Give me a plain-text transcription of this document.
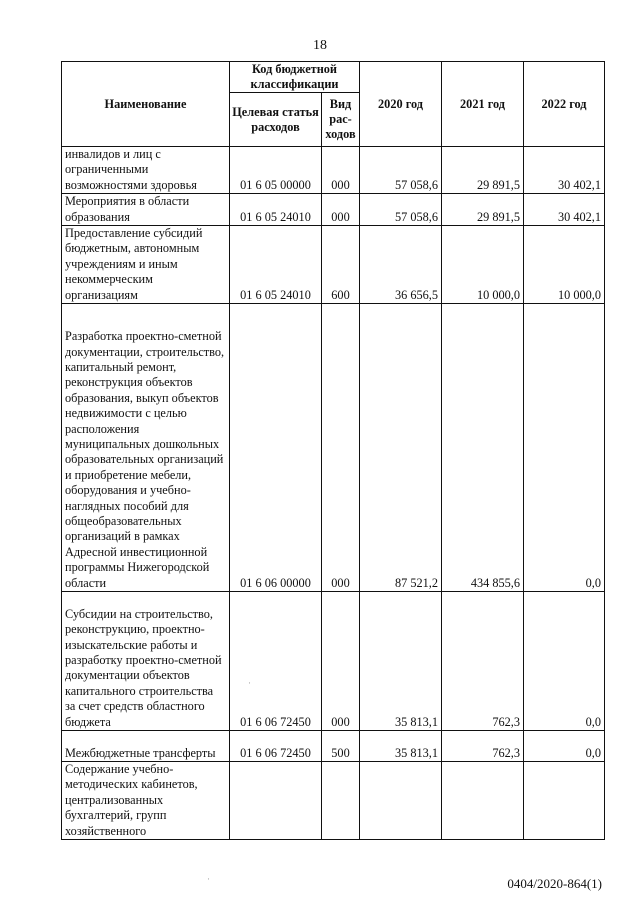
18
Наименование	Код бюджетной классификации		2020 год	2021 год	2022 год
	Целевая статья расходов	Вид рас-ходов			
инвалидов и лиц с ограниченными возможностями здоровья	01 6 05 00000	000	57 058,6	29 891,5	30 402,1
Мероприятия в области образования	01 6 05 24010	000	57 058,6	29 891,5	30 402,1
Предоставление субсидий бюджетным, автономным учреждениям и иным некоммерческим организациям	01 6 05 24010	600	36 656,5	10 000,0	10 000,0
Разработка проектно-сметной документации, строительство, капитальный ремонт, реконструкция объектов образования, выкуп объектов недвижимости с целью расположения муниципальных дошкольных образовательных организаций и приобретение мебели, оборудования и учебно-наглядных пособий для общеобразовательных организаций в рамках Адресной инвестиционной программы Нижегородской области	01 6 06 00000	000	87 521,2	434 855,6	0,0
Субсидии на строительство, реконструкцию, проектно-изыскательские работы и разработку проектно-сметной документации объектов капитального строительства за счет средств областного бюджета	01 6 06 72450	000	35 813,1	762,3	0,0
Межбюджетные трансферты	01 6 06 72450	500	35 813,1	762,3	0,0
Содержание учебно-методических кабинетов, централизованных бухгалтерий, групп хозяйственного					
0404/2020-864(1)
·
·
